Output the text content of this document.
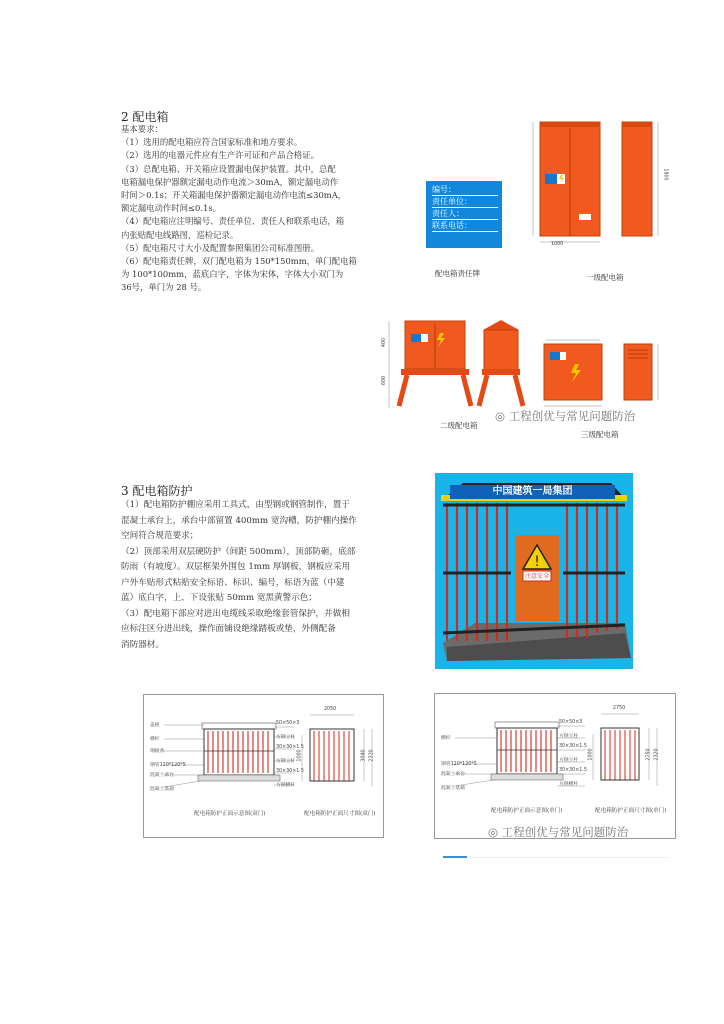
2 配电箱
基本要求：
（1）选用的配电箱应符合国家标准和地方要求。
（2）选用的电器元件应有生产许可证和产品合格证。
（3）总配电箱、开关箱应设置漏电保护装置。其中，总配
电箱漏电保护器额定漏电动作电流＞30mA，额定漏电动作
时间＞0.1s；开关箱漏电保护器额定漏电动作电流≤30mA，
额定漏电动作时间≤0.1s。
（4）配电箱应注明编号、责任单位、责任人和联系电话，箱
内张贴配电线路图，巡检记录。
（5）配电箱尺寸大小及配置参照集团公司标准图册。
（6）配电箱责任牌，双门配电箱为 150*150mm，单门配电箱
为 100*100mm，蓝底白字，字体为宋体，字体大小双门为
36号，单门为 28 号。
编号：
责任单位：
责任人：
联系电话：
配电箱责任牌
1000
1800
一级配电箱
400
600
二级配电箱
三级配电箱
◎ 工程创优与常见问题防治
3 配电箱防护
（1）配电箱防护棚应采用工具式，由型钢或钢管制作，置于
混凝土承台上，承台中部留置 400mm 宽沟槽，防护棚内操作
空间符合规范要求；
（2）顶部采用双层硬防护（间距 500mm），顶部防砸，底部
防雨（有坡度）。双层框架外围包 1mm 厚钢板，钢板应采用
户外车贴形式粘贴安全标语、标识、编号，标语为蓝（中建
蓝）底白字，上、下设张贴 50mm 宽黑黄警示色；
（3）配电箱下部应对进出电缆线采取绝缘套管保护，并做相
应标注区分进出线，操作面铺设绝缘踏板或垫，外侧配备
消防器材。
!
中国建筑一局集团
注意安全
盖板
横杆
钢板条
钢管120*120*5
混凝土承台
混凝土基础
50×50×3
方钢立柱
30×30×1.5
方钢立杆
30×30×1.5
方钢横杆
2050
1000	3040 2320
配电箱防护正面示意图(双门)	配电箱防护正面尺寸图(双门)
横杆
钢管120*120*5
混凝土承台
混凝土基础
50×50×3
方钢立柱
30×30×1.5
方钢立杆
30×30×1.5
方钢横杆
2750
1000	2750 2320
配电箱防护正面示意图(单门)	配电箱防护正面尺寸图(单门)
◎ 工程创优与常见问题防治
